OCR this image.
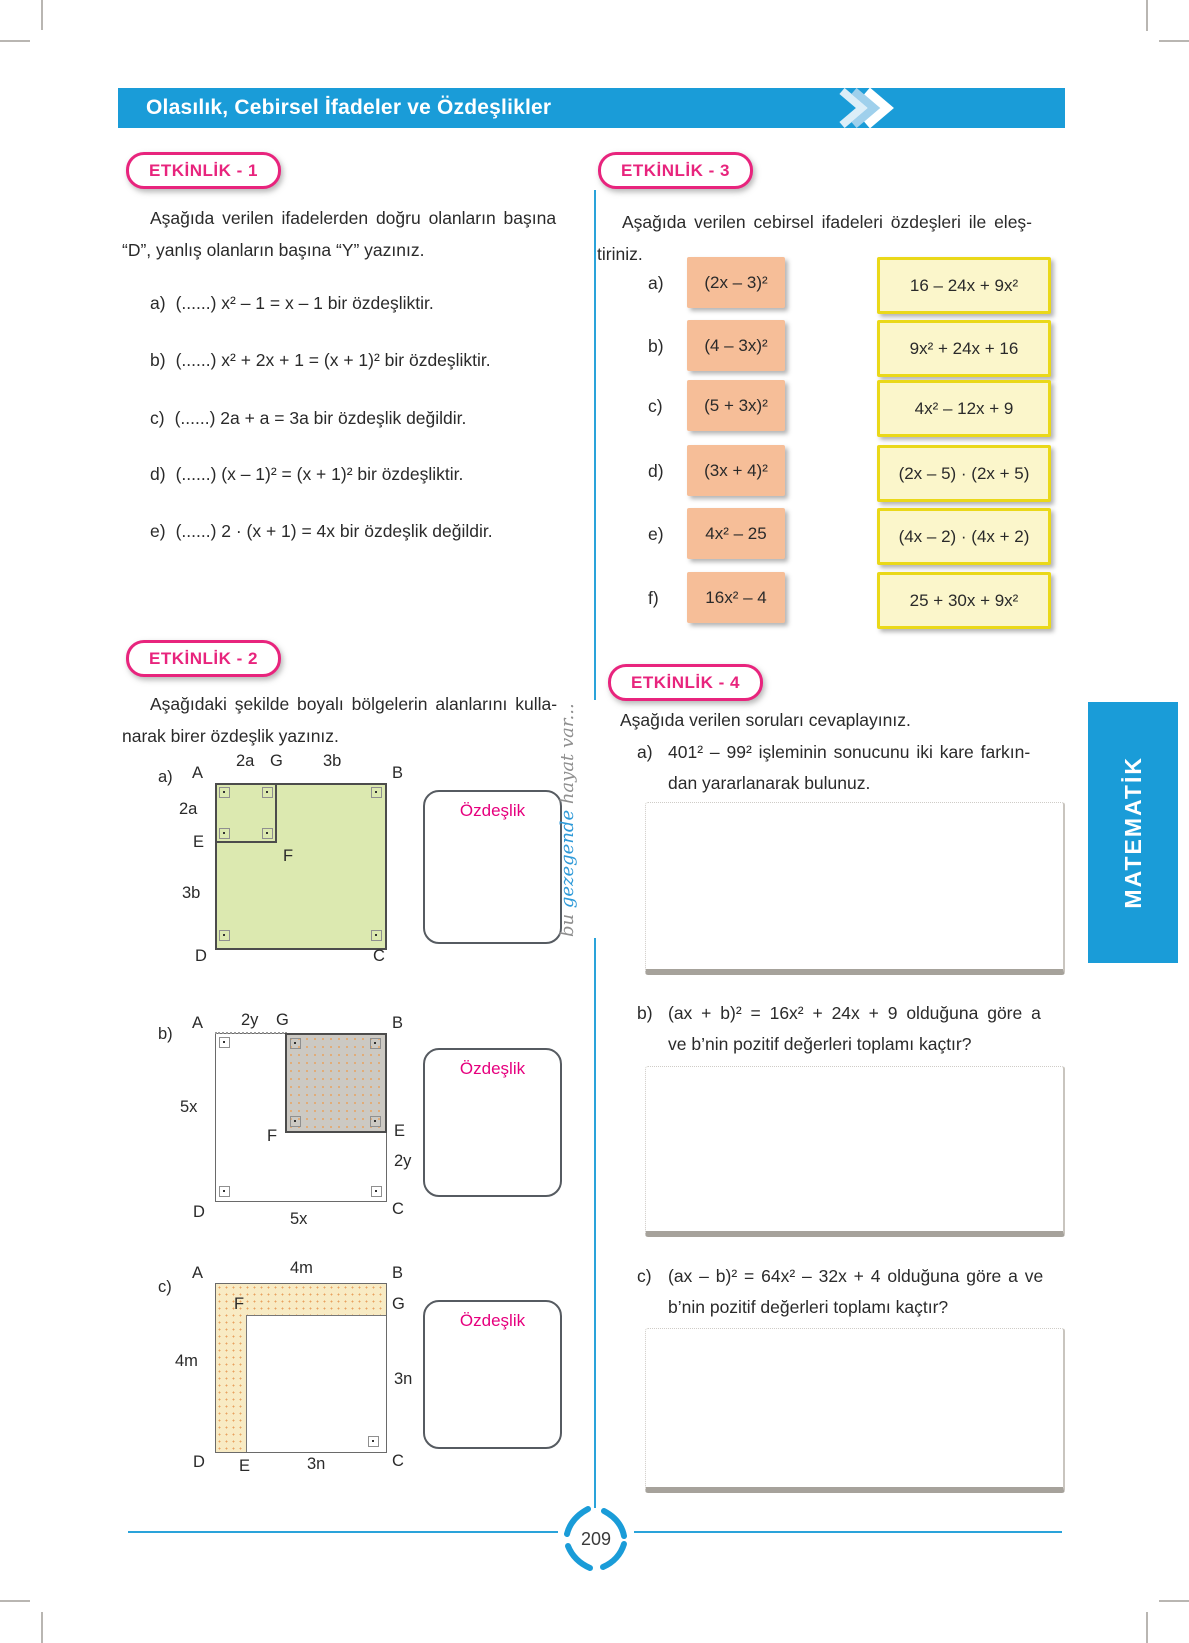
Olasılık, Cebirsel İfadeler ve Özdeşlikler
ETKİNLİK - 1
Aşağıda verilen ifadelerden doğru olanların başına
“D”, yanlış olanların başına “Y” yazınız.
a) (......) x² – 1 = x – 1 bir özdeşliktir.
b) (......) x² + 2x + 1 = (x + 1)² bir özdeşliktir.
c) (......) 2a + a = 3a bir özdeşlik değildir.
d) (......) (x – 1)² = (x + 1)² bir özdeşliktir.
e) (......) 2 · (x + 1) = 4x bir özdeşlik değildir.
ETKİNLİK - 2
Aşağıdaki şekilde boyalı bölgelerin alanlarını kulla-
narak birer özdeşlik yazınız.
a) A
2a G 3b
B
2a
E
F
3b
D	C
Özdeşlik
b)
A 2y G	B
5x
F	E
2y
D	5x
C
Özdeşlik
c)
A	4m	B
F	G
4m
3n
D E	3n	C
Özdeşlik
ETKİNLİK - 3
Aşağıda verilen cebirsel ifadeleri özdeşleri ile eleş-
tiriniz.
a) (2x – 3)²	16 – 24x + 9x²
b) (4 – 3x)²	9x² + 24x + 16
c) (5 + 3x)²	4x² – 12x + 9
d) (3x + 4)²	(2x – 5) · (2x + 5)
e) 4x² – 25	(4x – 2) · (4x + 2)
f)	16x² – 4	25 + 30x + 9x²
ETKİNLİK - 4
Aşağıda verilen soruları cevaplayınız.
a) 401² – 99² işleminin sonucunu iki kare farkın-
dan yararlanarak bulunuz.
b) (ax + b)² = 16x² + 24x + 9 olduğuna göre a
ve b’nin pozitif değerleri toplamı kaçtır?
c) (ax – b)² = 64x² – 32x + 4 olduğuna göre a ve
b’nin pozitif değerleri toplamı kaçtır?
MATEMATİK
bu gezegende hayat var...
209
